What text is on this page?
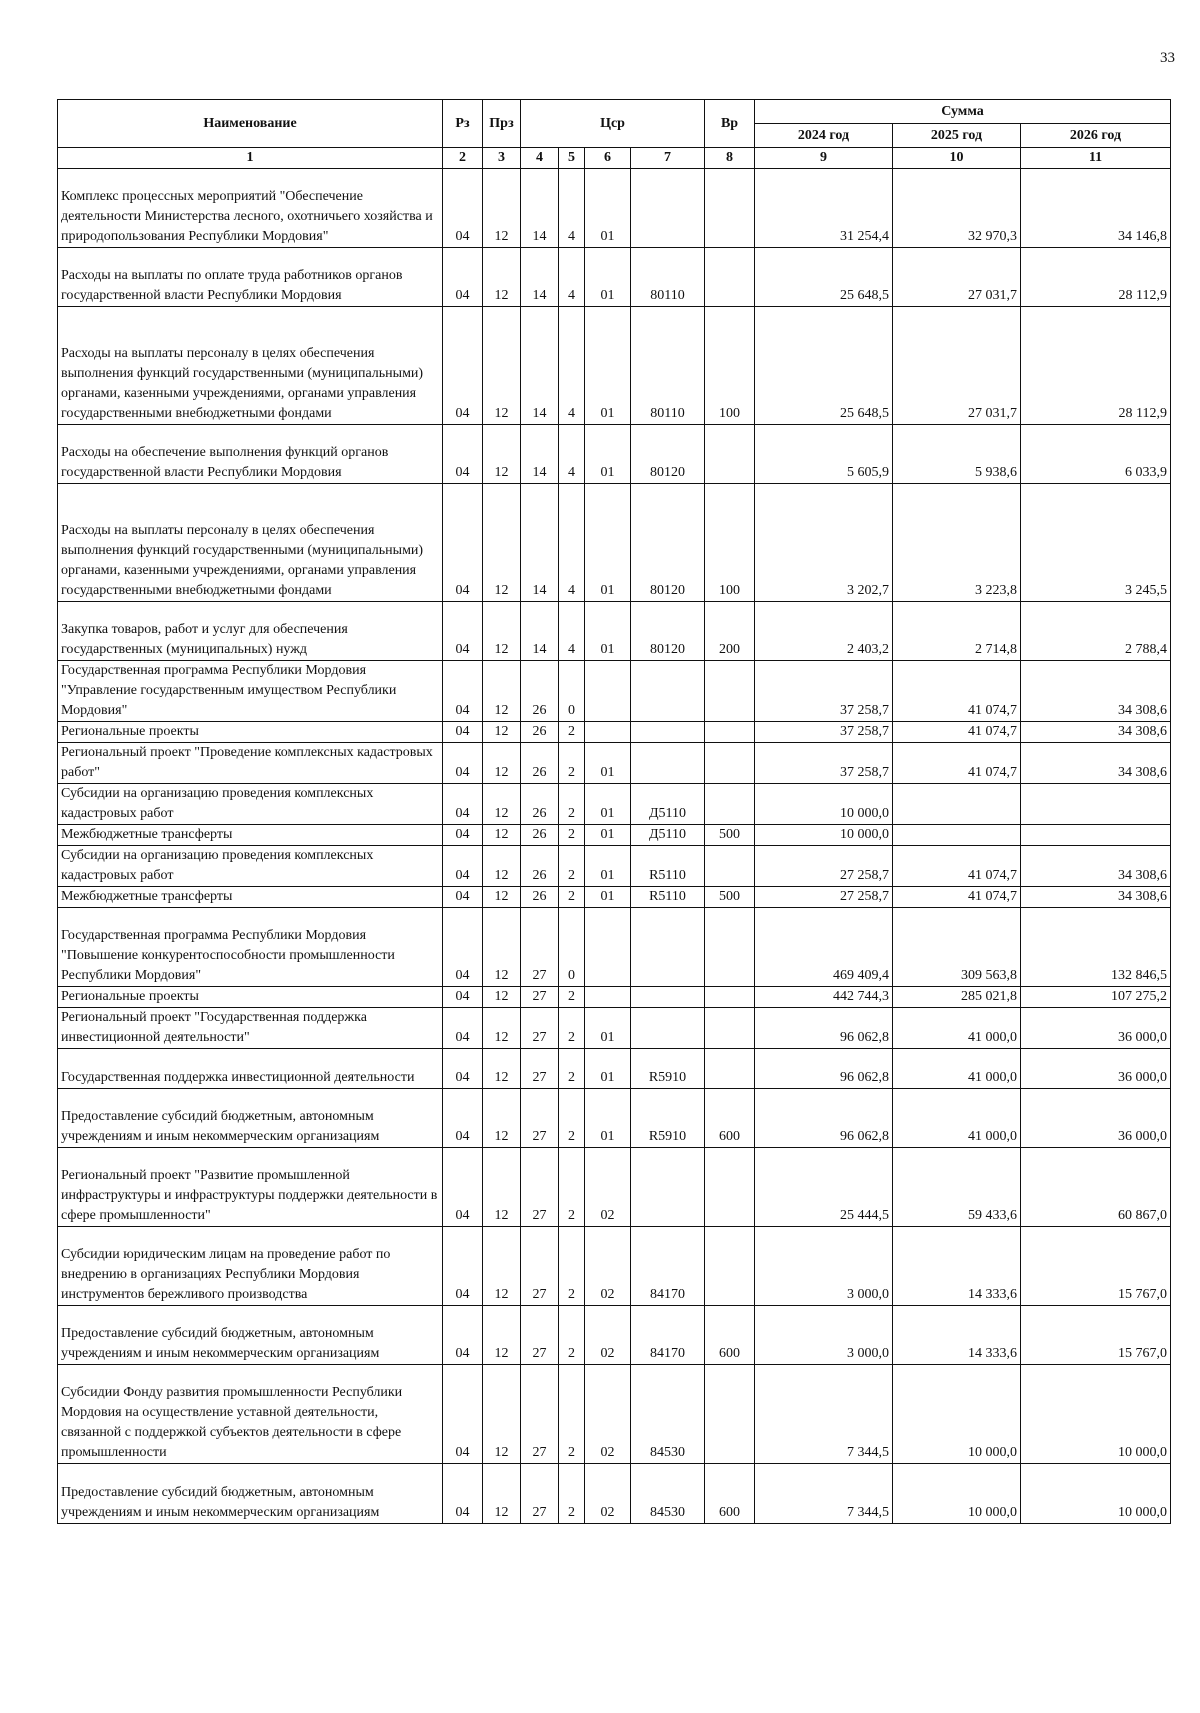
33
Наименование	Рз	Прз	Цср				Вр	Сумма		
								2024 год	2025 год	2026 год
1	2	3	4	5	6	7	8	9	10	11
Комплекс процессных мероприятий "Обеспечение деятельности Министерства лесного, охотничьего хозяйства и природопользования Республики Мордовия"	04	12	14	4	01			31 254,4	32 970,3	34 146,8
Расходы на выплаты по оплате труда работников органов государственной власти Республики Мордовия	04	12	14	4	01	80110		25 648,5	27 031,7	28 112,9
Расходы на выплаты персоналу в целях обеспечения выполнения функций государственными (муниципальными) органами, казенными учреждениями, органами управления государственными внебюджетными фондами	04	12	14	4	01	80110	100	25 648,5	27 031,7	28 112,9
Расходы на обеспечение выполнения функций органов государственной власти Республики Мордовия	04	12	14	4	01	80120		5 605,9	5 938,6	6 033,9
Расходы на выплаты персоналу в целях обеспечения выполнения функций государственными (муниципальными) органами, казенными учреждениями, органами управления государственными внебюджетными фондами	04	12	14	4	01	80120	100	3 202,7	3 223,8	3 245,5
Закупка товаров, работ и услуг для обеспечения государственных (муниципальных) нужд	04	12	14	4	01	80120	200	2 403,2	2 714,8	2 788,4
Государственная программа Республики Мордовия "Управление государственным имуществом Республики Мордовия"	04	12	26	0				37 258,7	41 074,7	34 308,6
Региональные проекты	04	12	26	2				37 258,7	41 074,7	34 308,6
Региональный проект "Проведение комплексных кадастровых работ"	04	12	26	2	01			37 258,7	41 074,7	34 308,6
Субсидии на организацию проведения комплексных кадастровых работ	04	12	26	2	01	Д5110		10 000,0		
Межбюджетные трансферты	04	12	26	2	01	Д5110	500	10 000,0		
Субсидии на организацию проведения комплексных кадастровых работ	04	12	26	2	01	R5110		27 258,7	41 074,7	34 308,6
Межбюджетные трансферты	04	12	26	2	01	R5110	500	27 258,7	41 074,7	34 308,6
Государственная программа Республики Мордовия "Повышение конкурентоспособности промышленности Республики Мордовия"	04	12	27	0				469 409,4	309 563,8	132 846,5
Региональные проекты	04	12	27	2				442 744,3	285 021,8	107 275,2
Региональный проект "Государственная поддержка инвестиционной деятельности"	04	12	27	2	01			96 062,8	41 000,0	36 000,0
Государственная поддержка инвестиционной деятельности	04	12	27	2	01	R5910		96 062,8	41 000,0	36 000,0
Предоставление субсидий бюджетным, автономным учреждениям и иным некоммерческим организациям	04	12	27	2	01	R5910	600	96 062,8	41 000,0	36 000,0
Региональный проект "Развитие промышленной инфраструктуры и инфраструктуры поддержки деятельности в сфере промышленности"	04	12	27	2	02			25 444,5	59 433,6	60 867,0
Субсидии юридическим лицам на проведение работ по внедрению в организациях Республики Мордовия инструментов бережливого производства	04	12	27	2	02	84170		3 000,0	14 333,6	15 767,0
Предоставление субсидий бюджетным, автономным учреждениям и иным некоммерческим организациям	04	12	27	2	02	84170	600	3 000,0	14 333,6	15 767,0
Субсидии Фонду развития промышленности Республики Мордовия на осуществление уставной деятельности, связанной с поддержкой субъектов деятельности в сфере промышленности	04	12	27	2	02	84530		7 344,5	10 000,0	10 000,0
Предоставление субсидий бюджетным, автономным учреждениям и иным некоммерческим организациям	04	12	27	2	02	84530	600	7 344,5	10 000,0	10 000,0
